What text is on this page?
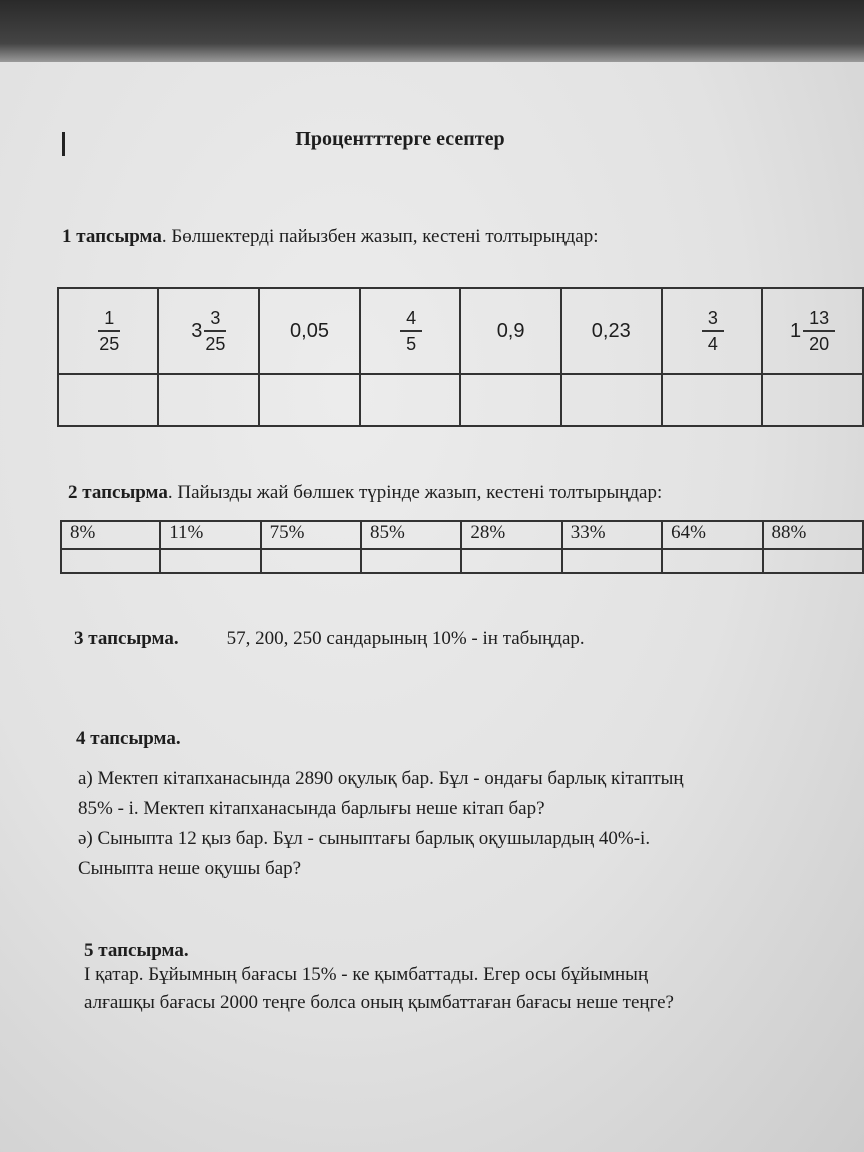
Процентттерге есептер
1 тапсырма. Бөлшектерді пайызбен жазып, кестені толтырыңдар:
$\frac{1}{25}$	$3 \frac{3}{25}$	0,05	$\frac{4}{5}$	0,9	0,23	$\frac{3}{4}$	$1 \frac{13}{20}$

2 тапсырма. Пайызды жай бөлшек түрінде жазып, кестені толтырыңдар:
8%	11%	75%	85%	28%	33%	64%	88%

3 тапсырма.	57, 200, 250 сандарының 10% - ін табыңдар.
4 тапсырма.
а) Мектеп кітапханасында 2890 оқулық бар. Бұл - ондағы барлық кітаптың
85% - і. Мектеп кітапханасында барлығы неше кітап бар?
ә) Сыныпта 12 қыз бар. Бұл - сыныптағы барлық оқушылардың 40%-і.
Сыныпта неше оқушы бар?
5 тапсырма.
I қатар. Бұйымның бағасы 15% - ке қымбаттады. Егер осы бұйымның
алғашқы бағасы 2000 теңге болса оның қымбаттаған бағасы неше теңге?
